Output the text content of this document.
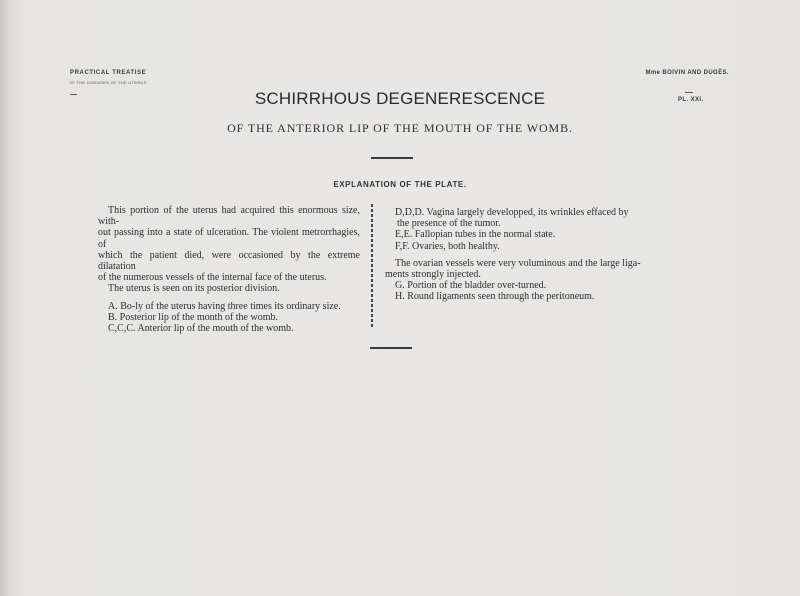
PRACTICAL TREATISE

OF THE DISEASES OF THE UTERUS.

SCHIRRHOUS DEGENERESCENCE

Mme BOIVIN AND DUGÈS.

PL. XXI.

OF THE ANTERIOR LIP OF THE MOUTH OF THE WOMB.

EXPLANATION OF THE PLATE.

This portion of the uterus had acquired this enormous size, with-

out passing into a state of ulceration. The violent metrorrhagies, of

which the patient died, were occasioned by the extreme dilatation

of the numerous vessels of the internal face of the uterus.

The uterus is seen on its posterior division.

A. Bo-ly of the uterus having three times its ordinary size.

B. Posterior lip of the month of the womb.

C,C,C. Anterior lip of the mouth of the womb.

D,D,D. Vagina largely developped, its wrinkles effaced by

the presence of the tumor.

E,E. Fallopian tubes in the normal state.

F,F. Ovaries, both healthy.

The ovarian vessels were very voluminous and the large liga-

ments strongly injected.

G. Portion of the bladder over-turned.

H. Round ligaments seen through the peritoneum.
